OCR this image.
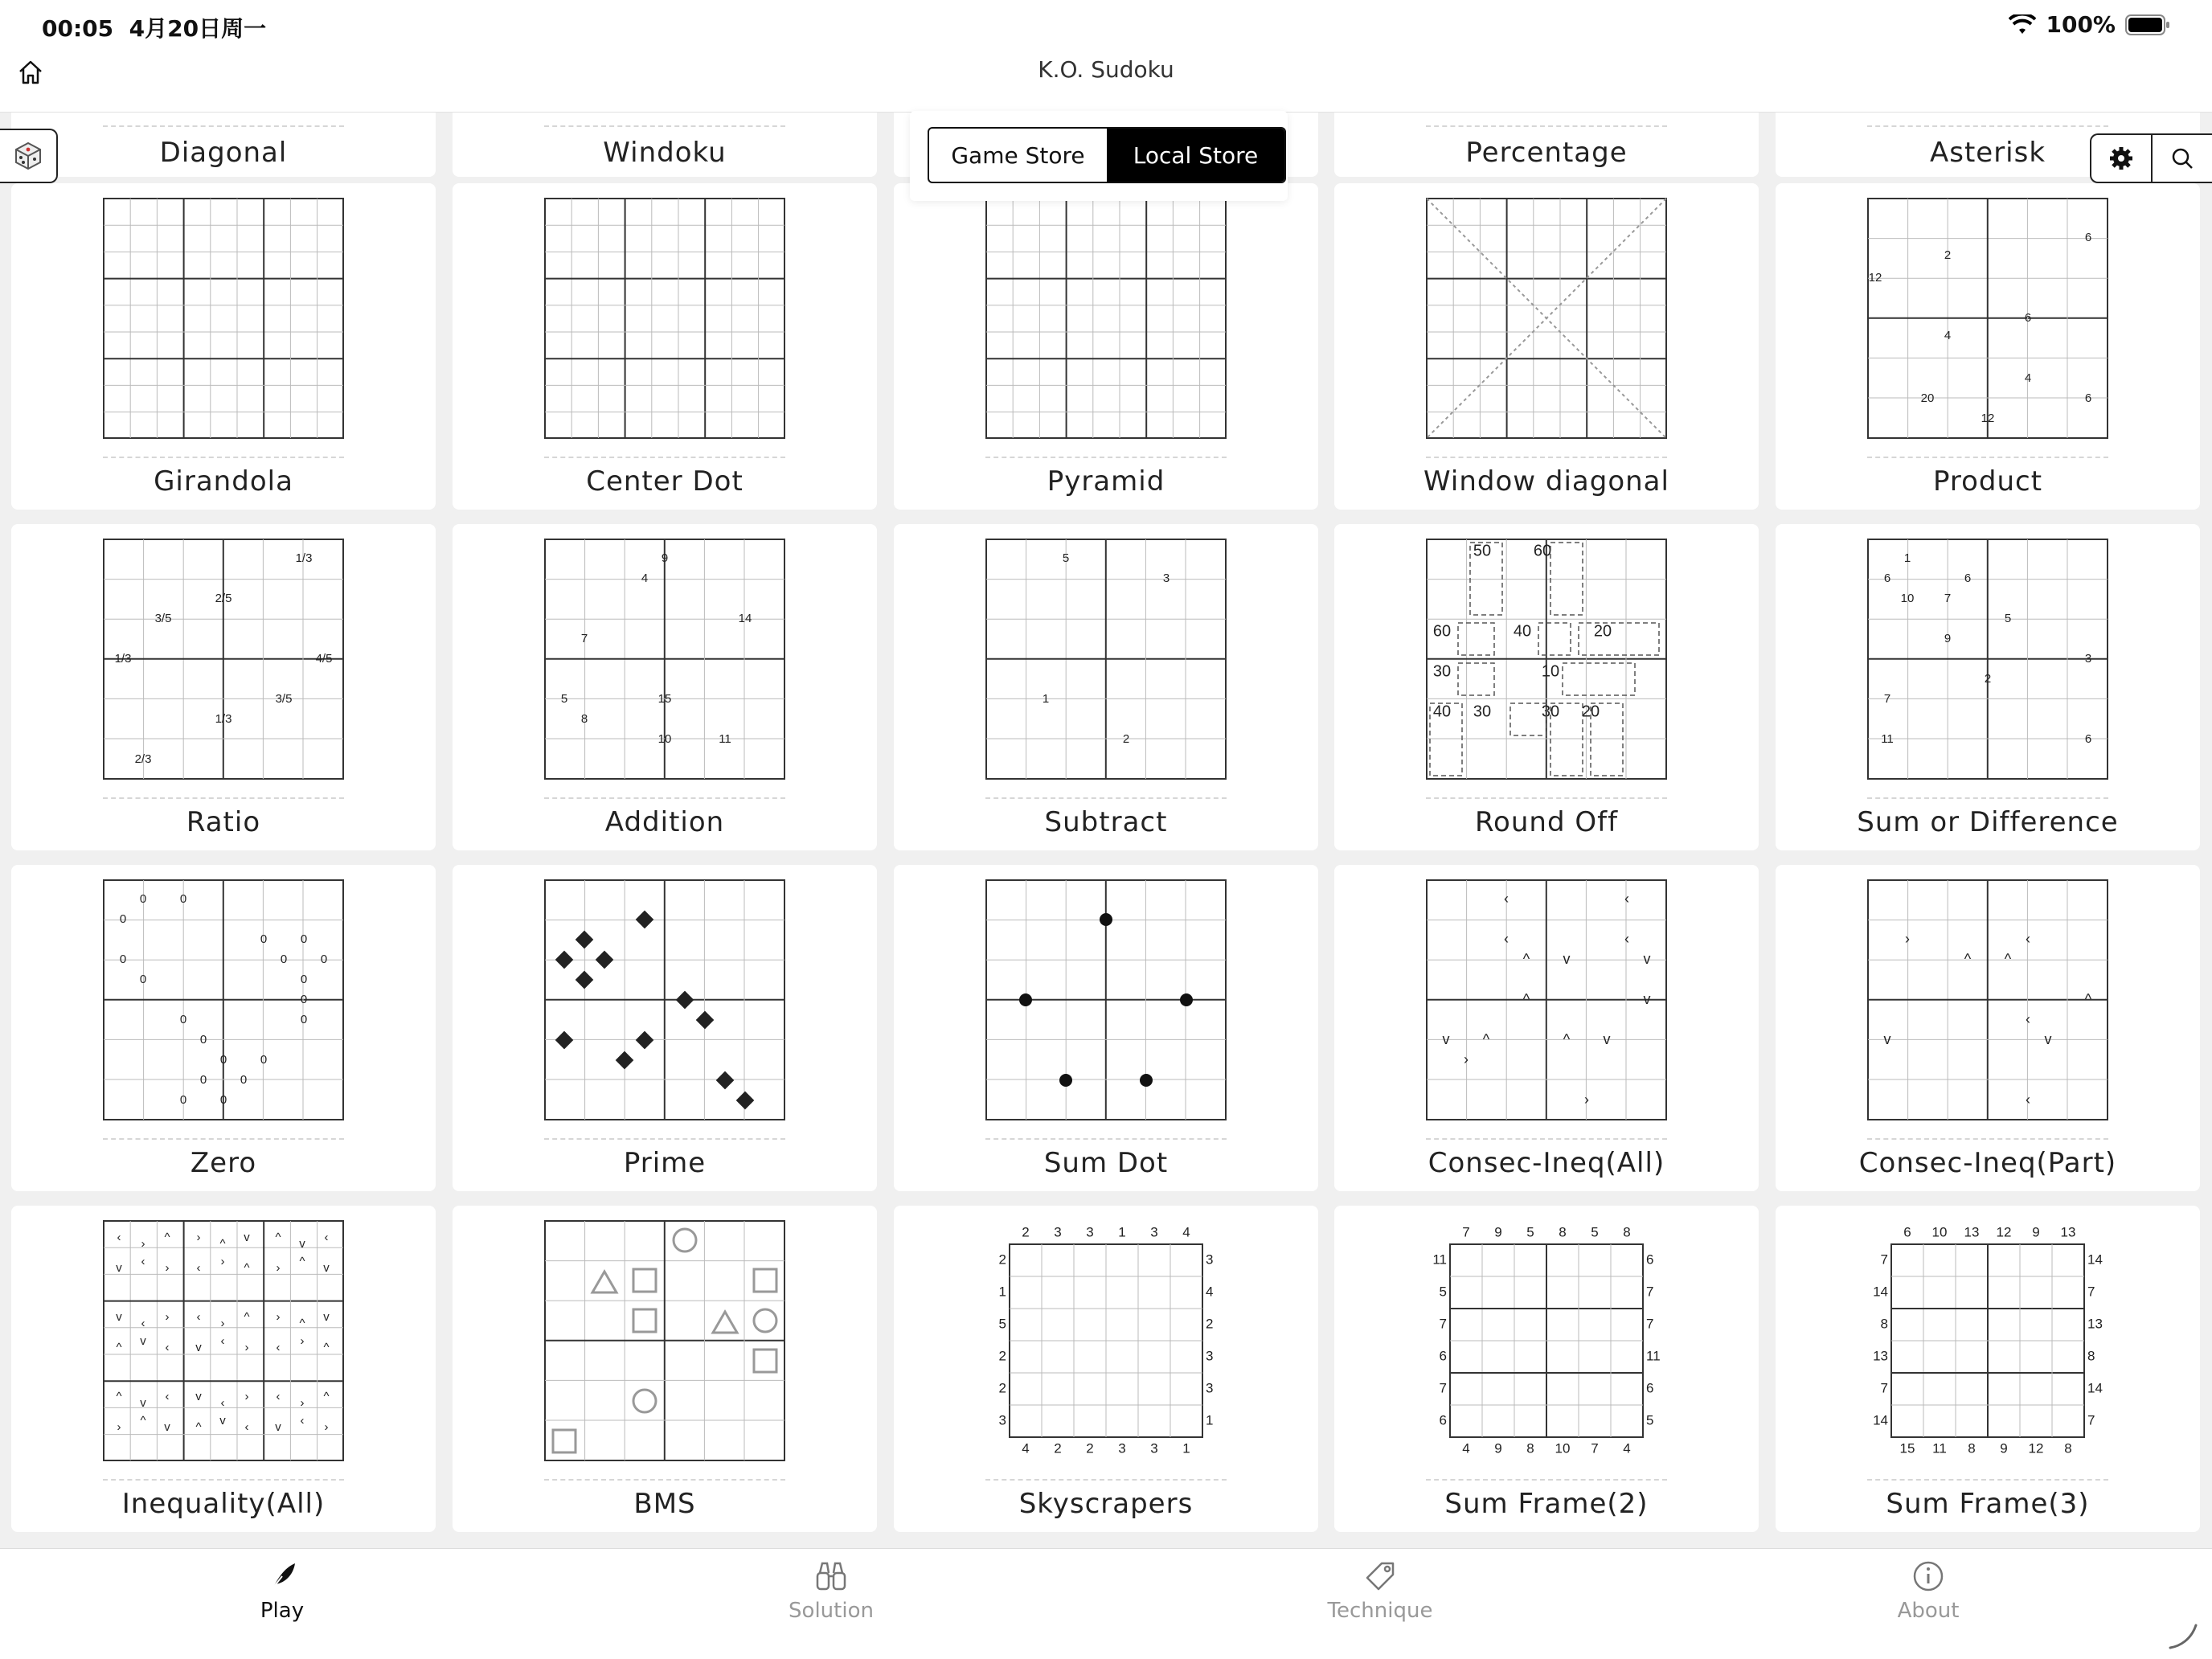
00:05 4月20日周一	100%
K.O. Sudoku
Diagonal	Windoku	Percentage	Asterisk
Girandola	Center Dot	Pyramid	Window diagonal
6
2
12
6
4
4
6
20
12
Product
1/3
2/5
3/5
1/3	4/5
3/5
1/3
2/3
Ratio
9
4
14
7
5	15
8
10	11
Addition
5
3
1
2
Subtract
50	60
60	40	20
30	10
40 30	30 20
Round Off
1
6	6
10 7
5
9
3
2
7
11	6
Sum or Difference
0	0
0
0
0
0	0
0	0
0
0
0	0
0
0	0
0	0
0	0
Zero	Prime	Sum Dot
‹	‹
‹	‹
^ v	v
^	v
v ^	^ v
›
›
Consec-Ineq(All)
›
^ ^
‹
^
v
‹
v
‹
Consec-Ineq(Part)
‹ › ^
v ‹ ›
› ^ v
‹ › ^
^ v ‹
› ^ v
v ‹ ›
^ v ‹
‹ › ^
v ‹ ›
› ^ v
‹ › ^
^ v ‹
› ^ v
v ‹ ›
^ v ‹
‹ › ^
v ‹ ›
Inequality(All)	BMS
2 3 3 1 3 4
4 2 2 3 3 1
2
1
5
2
2
3
3
4
2
3
3
1
Skyscrapers
7 9 5 8 5 8
4 9 8 10 7 4
11
5
7
6
7
6
6
7
7
11
6
5
Sum Frame(2)
6 10 13 12 9 13
15 11 8 9 12 8
7
14
8
13
7
14
14
7
13
8
14
7
Sum Frame(3)
Game Store	Local Store
Play	Solution	Technique	About
